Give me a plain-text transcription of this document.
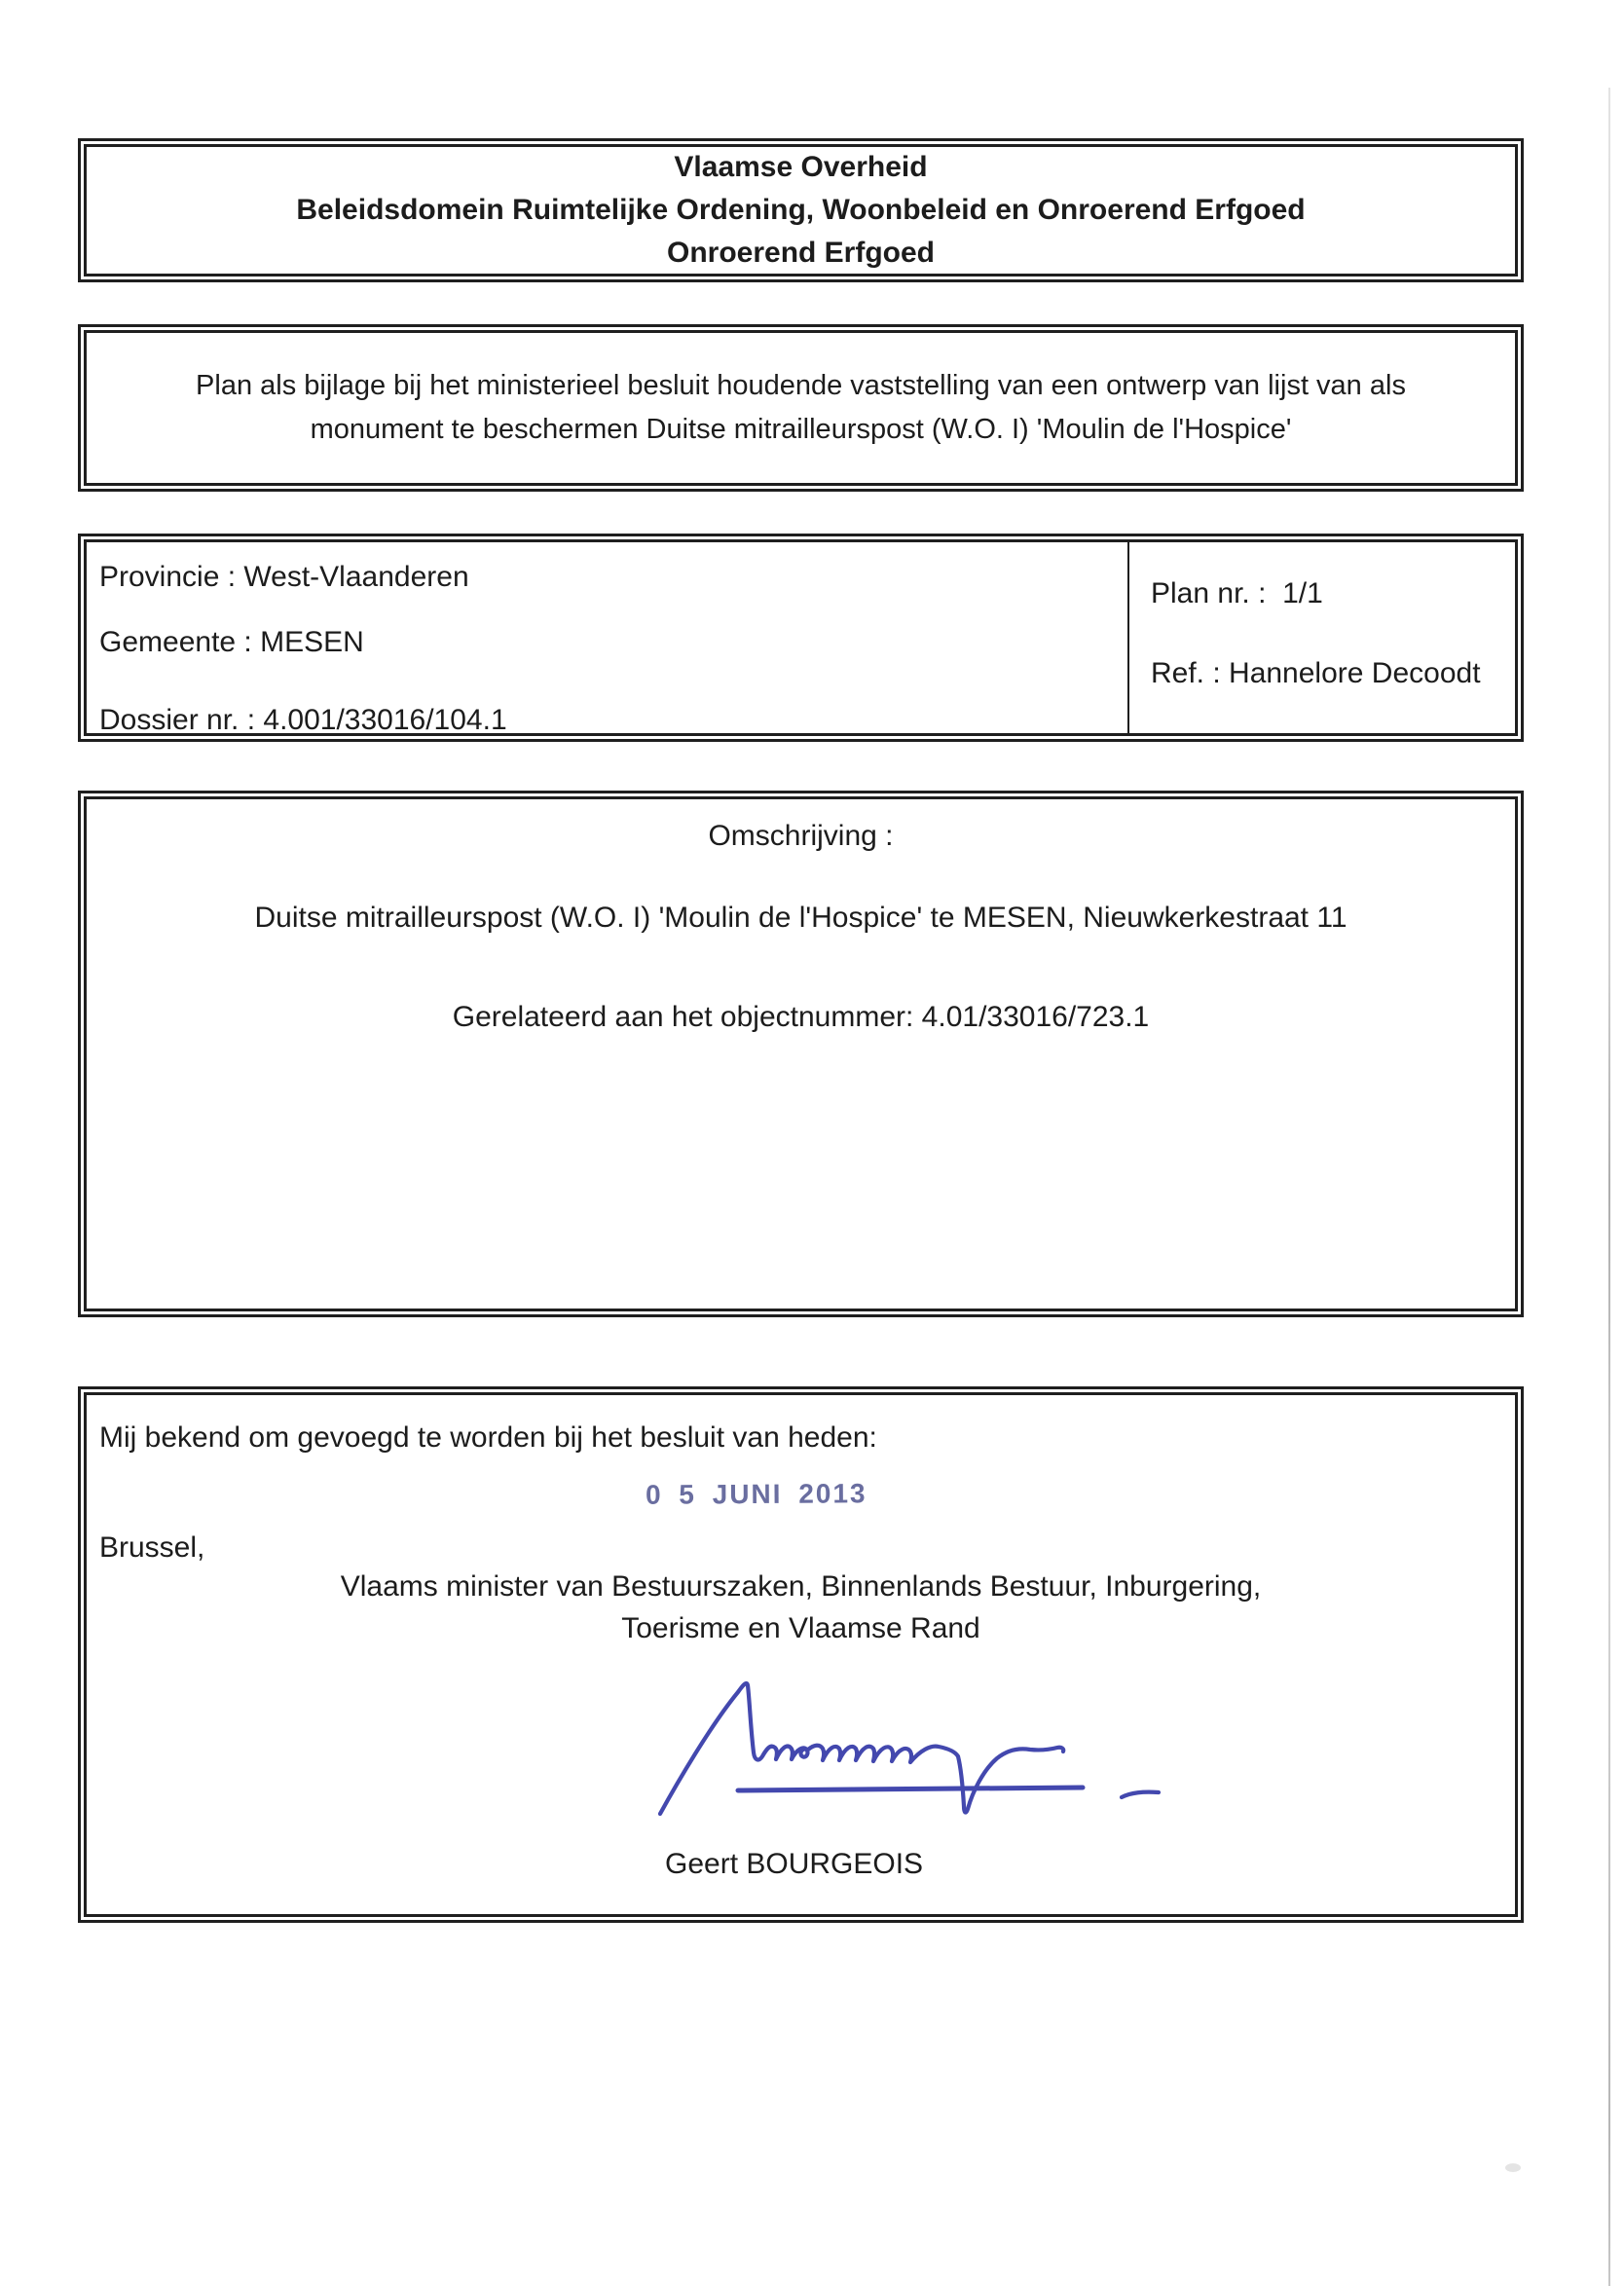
Vlaamse Overheid
Beleidsdomein Ruimtelijke Ordening, Woonbeleid en Onroerend Erfgoed
Onroerend Erfgoed
Plan als bijlage bij het ministerieel besluit houdende vaststelling van een ontwerp van lijst van als
monument te beschermen Duitse mitrailleurspost (W.O. I) 'Moulin de l'Hospice'
Provincie : West-Vlaanderen
Gemeente : MESEN
Dossier nr. : 4.001/33016/104.1
Plan nr. :  1/1
Ref. : Hannelore Decoodt
Omschrijving :
Duitse mitrailleurspost (W.O. I) 'Moulin de l'Hospice' te MESEN, Nieuwkerkestraat 11
Gerelateerd aan het objectnummer: 4.01/33016/723.1
Mij bekend om gevoegd te worden bij het besluit van heden:
0 5 JUNI 2013
Brussel,
Vlaams minister van Bestuurszaken, Binnenlands Bestuur, Inburgering,
Toerisme en Vlaamse Rand
Geert BOURGEOIS
